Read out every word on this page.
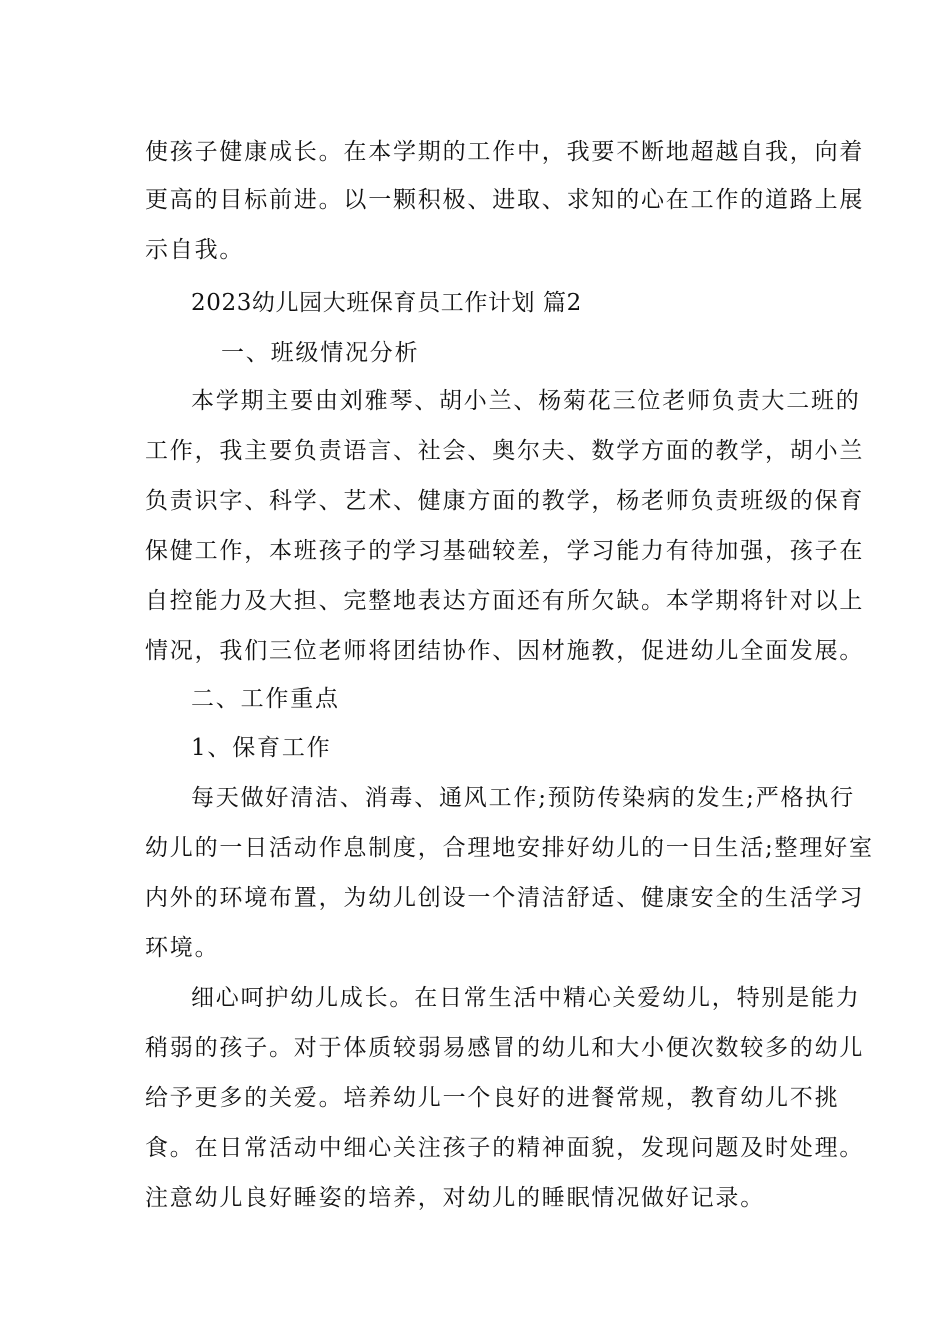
使孩子健康成长。在本学期的工作中，我要不断地超越自我，向着
更高的目标前进。以一颗积极、进取、求知的心在工作的道路上展
示自我。
2023幼儿园大班保育员工作计划 篇2
一、班级情况分析
本学期主要由刘雅琴、胡小兰、杨菊花三位老师负责大二班的
工作，我主要负责语言、社会、奥尔夫、数学方面的教学，胡小兰
负责识字、科学、艺术、健康方面的教学，杨老师负责班级的保育
保健工作，本班孩子的学习基础较差，学习能力有待加强，孩子在
自控能力及大担、完整地表达方面还有所欠缺。本学期将针对以上
情况，我们三位老师将团结协作、因材施教，促进幼儿全面发展。
二、工作重点
1、保育工作
每天做好清洁、消毒、通风工作;预防传染病的发生;严格执行
幼儿的一日活动作息制度，合理地安排好幼儿的一日生活;整理好室
内外的环境布置，为幼儿创设一个清洁舒适、健康安全的生活学习
环境。
细心呵护幼儿成长。在日常生活中精心关爱幼儿，特别是能力
稍弱的孩子。对于体质较弱易感冒的幼儿和大小便次数较多的幼儿
给予更多的关爱。培养幼儿一个良好的进餐常规，教育幼儿不挑
食。在日常活动中细心关注孩子的精神面貌，发现问题及时处理。
注意幼儿良好睡姿的培养，对幼儿的睡眠情况做好记录。
